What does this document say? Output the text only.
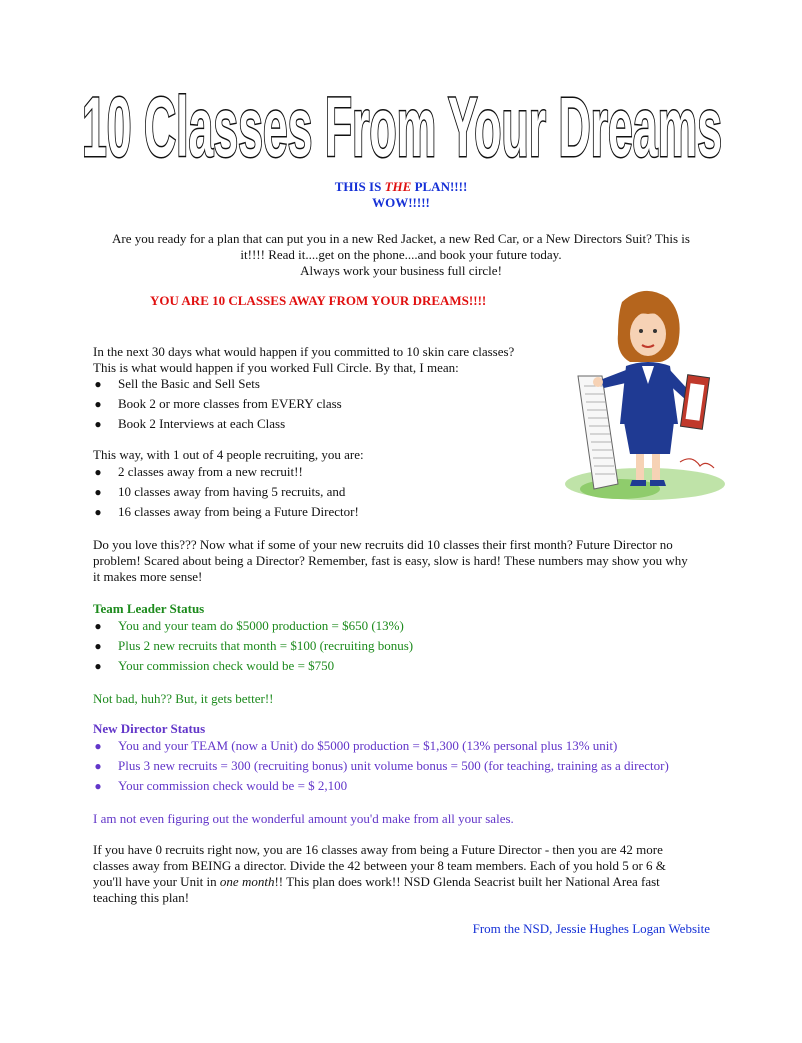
10 Classes From Your Dreams
THIS IS THE PLAN!!!!
WOW!!!!!
Are you ready for a plan that can put you in a new Red Jacket, a new Red Car, or a New Directors Suit? This is
it!!!! Read it....get on the phone....and book your future today.
Always work your business full circle!
YOU ARE 10 CLASSES AWAY FROM YOUR DREAMS!!!!
In the next 30 days what would happen if you committed to 10 skin care classes?
This is what would happen if you worked Full Circle. By that, I mean:
● Sell the Basic and Sell Sets
● Book 2 or more classes from EVERY class
● Book 2 Interviews at each Class
This way, with 1 out of 4 people recruiting, you are:
● 2 classes away from a new recruit!!
● 10 classes away from having 5 recruits, and
● 16 classes away from being a Future Director!
Do you love this??? Now what if some of your new recruits did 10 classes their first month? Future Director no
problem! Scared about being a Director? Remember, fast is easy, slow is hard! These numbers may show you why
it makes more sense!
Team Leader Status
● You and your team do $5000 production = $650 (13%)
● Plus 2 new recruits that month = $100 (recruiting bonus)
● Your commission check would be = $750
Not bad, huh?? But, it gets better!!
New Director Status
● You and your TEAM (now a Unit) do $5000 production = $1,300 (13% personal plus 13% unit)
● Plus 3 new recruits = 300 (recruiting bonus) unit volume bonus = 500 (for teaching, training as a director)
● Your commission check would be = $ 2,100
I am not even figuring out the wonderful amount you'd make from all your sales.
If you have 0 recruits right now, you are 16 classes away from being a Future Director - then you are 42 more
classes away from BEING a director. Divide the 42 between your 8 team members. Each of you hold 5 or 6 &
you'll have your Unit in one month!! This plan does work!! NSD Glenda Seacrist built her National Area fast
teaching this plan!
From the NSD, Jessie Hughes Logan Website
